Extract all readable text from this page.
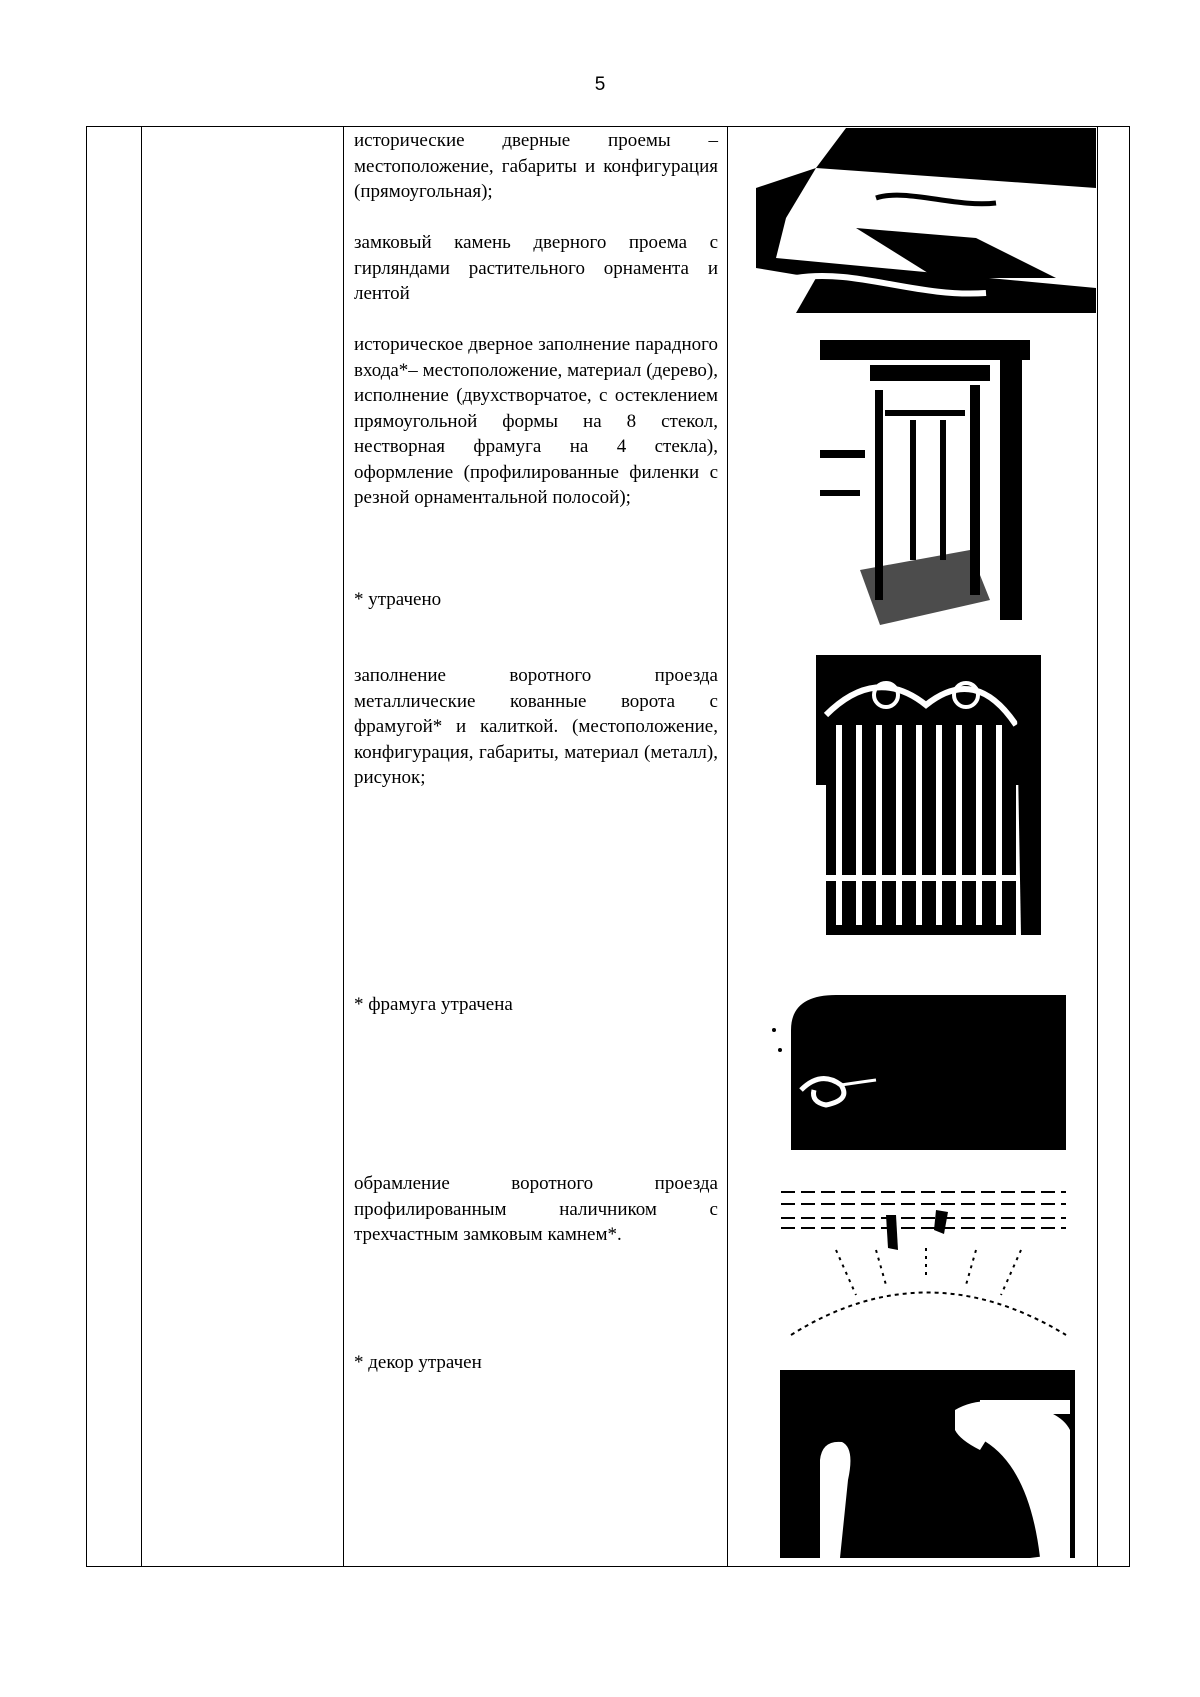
5

исторические дверные проемы – местоположение, габариты и конфигурация (прямоугольная);

замковый камень дверного проема с гирляндами растительного орнамента и лентой

историческое дверное заполнение парадного входа*– местоположение, материал (дерево), исполнение (двухстворчатое, с остеклением прямоугольной формы на 8 стекол, нестворная фрамуга на 4 стекла), оформление (профилированные филенки с резной орнаментальной полосой);

* утрачено

заполнение воротного проезда металлические кованные ворота с фрамугой* и калиткой. (местоположение, конфигурация, габариты, материал (металл), рисунок;

* фрамуга утрачена

обрамление воротного проезда профилированным наличником с трехчастным замковым камнем*.

* декор утрачен
